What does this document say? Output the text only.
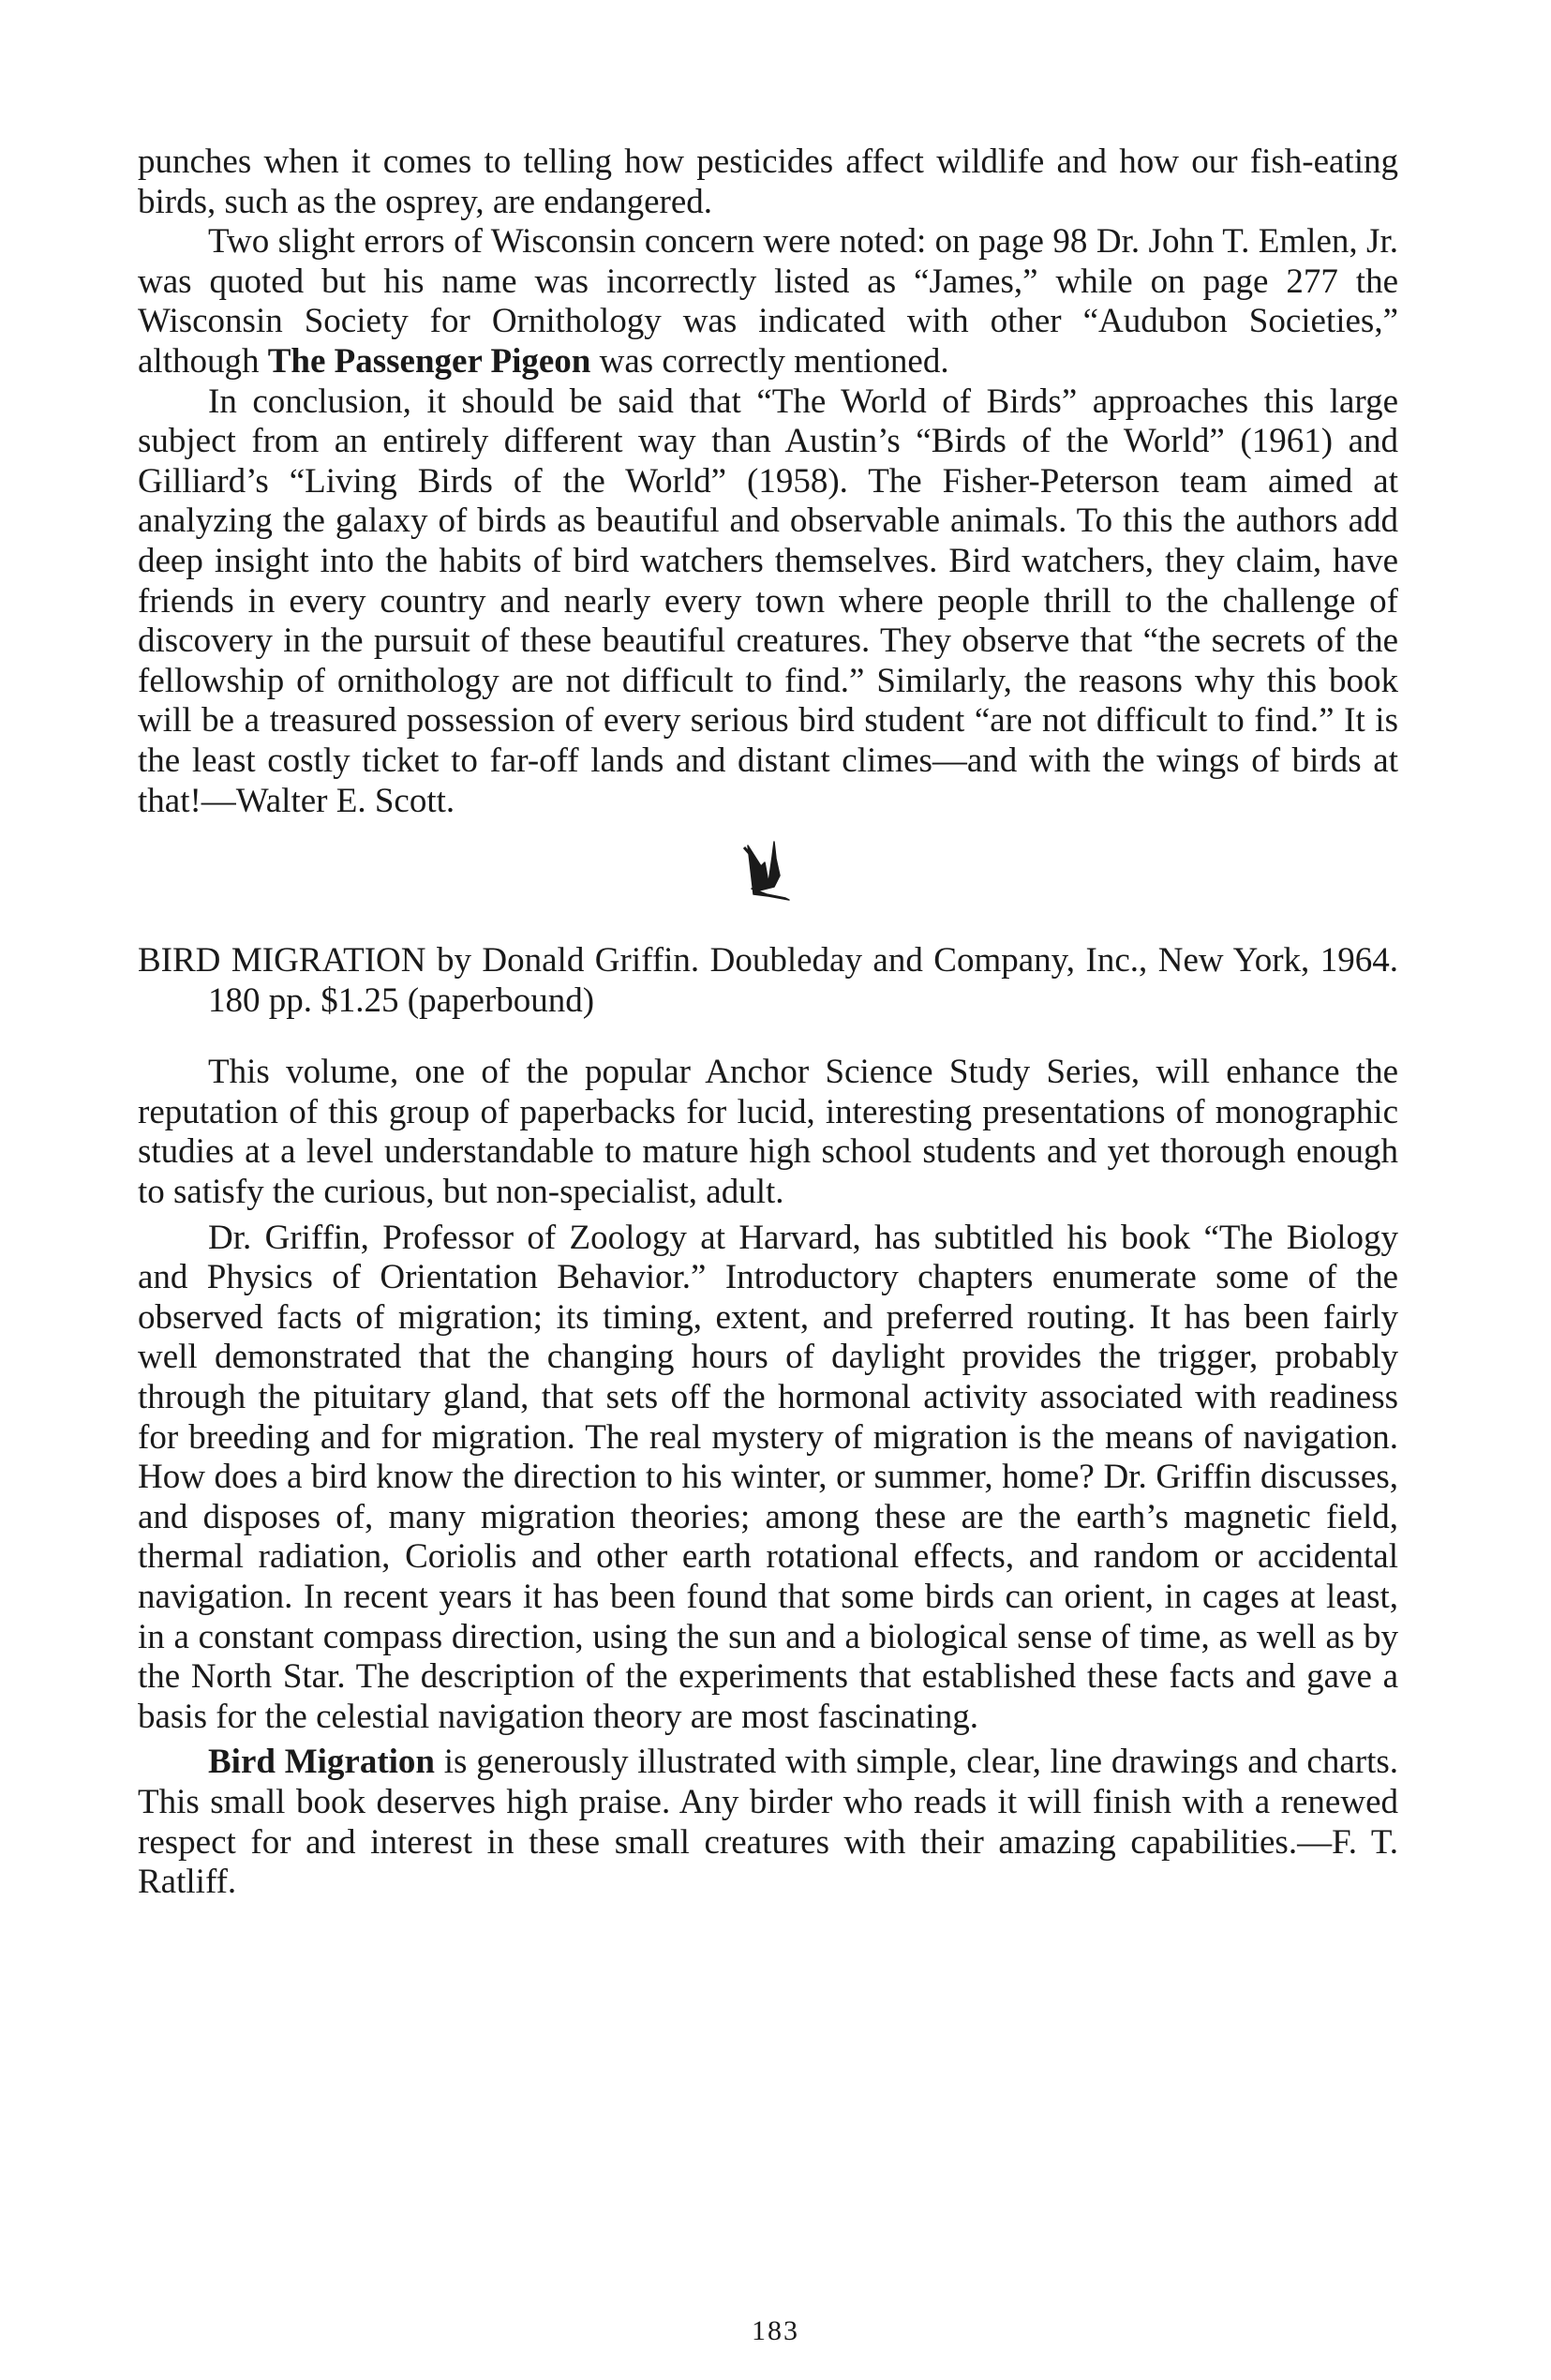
punches when it comes to telling how pesticides affect wildlife and how our fish-eating birds, such as the osprey, are endangered.

Two slight errors of Wisconsin concern were noted: on page 98 Dr. John T. Emlen, Jr. was quoted but his name was incorrectly listed as “James,” while on page 277 the Wisconsin Society for Ornithology was indicated with other “Audubon Societies,” although The Passenger Pigeon was correctly mentioned.

In conclusion, it should be said that “The World of Birds” approaches this large subject from an entirely different way than Austin’s “Birds of the World” (1961) and Gilliard’s “Living Birds of the World” (1958). The Fisher-Peterson team aimed at analyzing the galaxy of birds as beautiful and observable animals. To this the authors add deep insight into the habits of bird watchers themselves. Bird watchers, they claim, have friends in every country and nearly every town where people thrill to the challenge of discovery in the pursuit of these beautiful creatures. They observe that “the secrets of the fellowship of ornithology are not difficult to find.” Similarly, the reasons why this book will be a treasured possession of every serious bird student “are not difficult to find.” It is the least costly ticket to far-off lands and distant climes—and with the wings of birds at that!—Walter E. Scott.

BIRD MIGRATION by Donald Griffin. Doubleday and Company, Inc., New York, 1964. 180 pp. $1.25 (paperbound)

This volume, one of the popular Anchor Science Study Series, will enhance the reputation of this group of paperbacks for lucid, interesting presentations of monographic studies at a level understandable to mature high school students and yet thorough enough to satisfy the curious, but non-specialist, adult.

Dr. Griffin, Professor of Zoology at Harvard, has subtitled his book “The Biology and Physics of Orientation Behavior.” Introductory chapters enumerate some of the observed facts of migration; its timing, extent, and preferred routing. It has been fairly well demonstrated that the changing hours of daylight provides the trigger, probably through the pituitary gland, that sets off the hormonal activity associated with readiness for breeding and for migration. The real mystery of migration is the means of navigation. How does a bird know the direction to his winter, or summer, home? Dr. Griffin discusses, and disposes of, many migration theories; among these are the earth’s magnetic field, thermal radiation, Coriolis and other earth rotational effects, and random or accidental navigation. In recent years it has been found that some birds can orient, in cages at least, in a constant compass direction, using the sun and a biological sense of time, as well as by the North Star. The description of the experiments that established these facts and gave a basis for the celestial navigation theory are most fascinating.

Bird Migration is generously illustrated with simple, clear, line drawings and charts. This small book deserves high praise. Any birder who reads it will finish with a renewed respect for and interest in these small creatures with their amazing capabilities.—F. T. Ratliff.

183
